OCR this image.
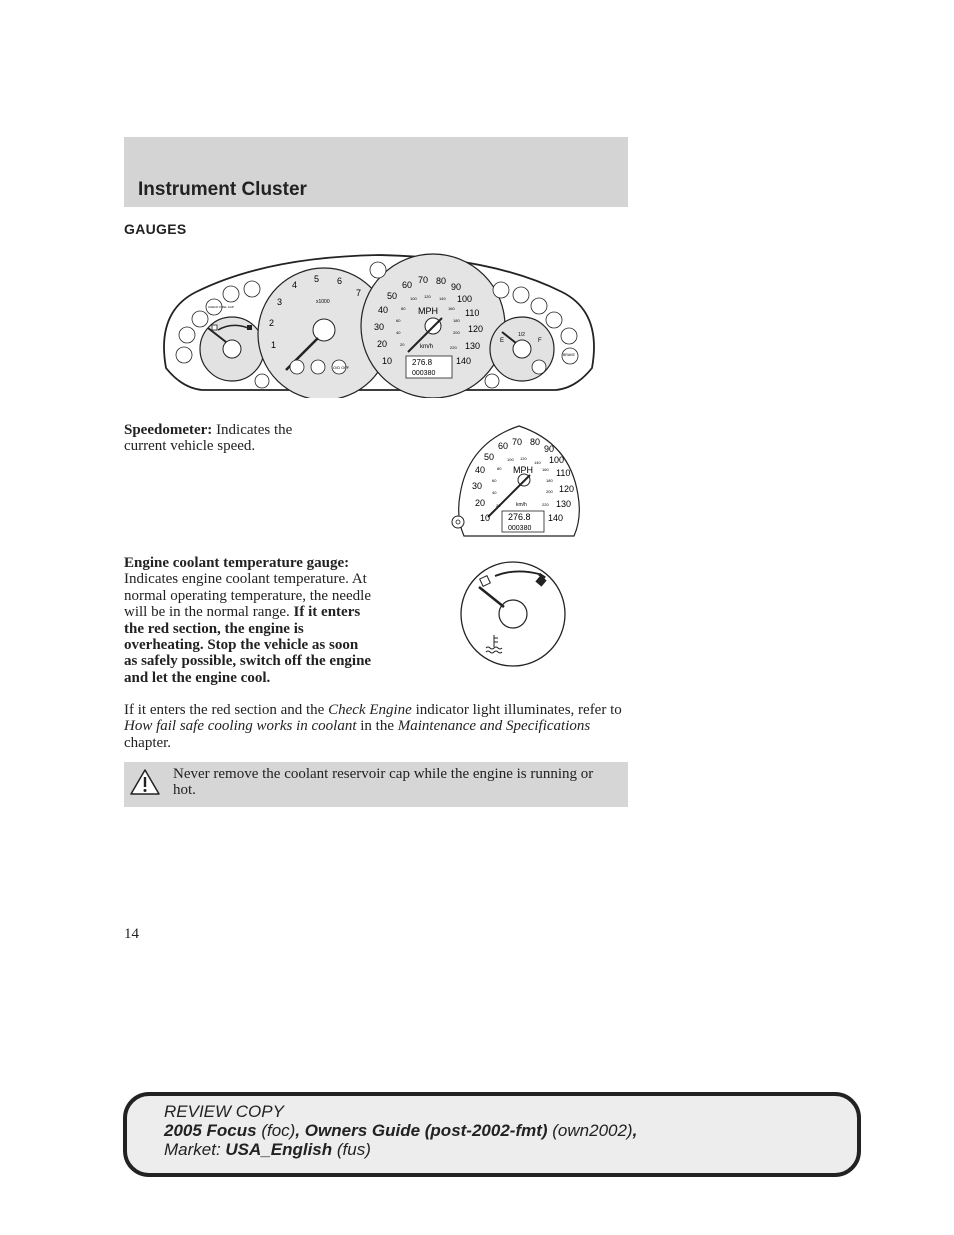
Instrument Cluster
GAUGES
1
2
3
4
5 6
7
x1000
276.8
000380
MPH
km/h
10
20
30
40
50
60 70 80
90
100
110
120
130
140
20
40
60
80
100 120 140
160
180
200
220
E
1/2
F
CHECK FUEL CAP
O/D OFF
BRAKE
Speedometer: Indicates the current vehicle speed.
276.8
000380
MPH
km/h
10
20
30
40
50
60 70 80
90
100
110
120
130
140
20
40
60
80
100 120
140
160
180
200
220
Engine coolant temperature gauge: Indicates engine coolant temperature. At normal operating temperature, the needle will be in the normal range. If it enters the red section, the engine is overheating. Stop the vehicle as soon as safely possible, switch off the engine and let the engine cool.
If it enters the red section and the Check Engine indicator light illuminates, refer to How fail safe cooling works in coolant in the Maintenance and Specifications chapter.
Never remove the coolant reservoir cap while the engine is running or hot.
14
REVIEW COPY
2005 Focus (foc), Owners Guide (post-2002-fmt) (own2002),
Market: USA_English (fus)
